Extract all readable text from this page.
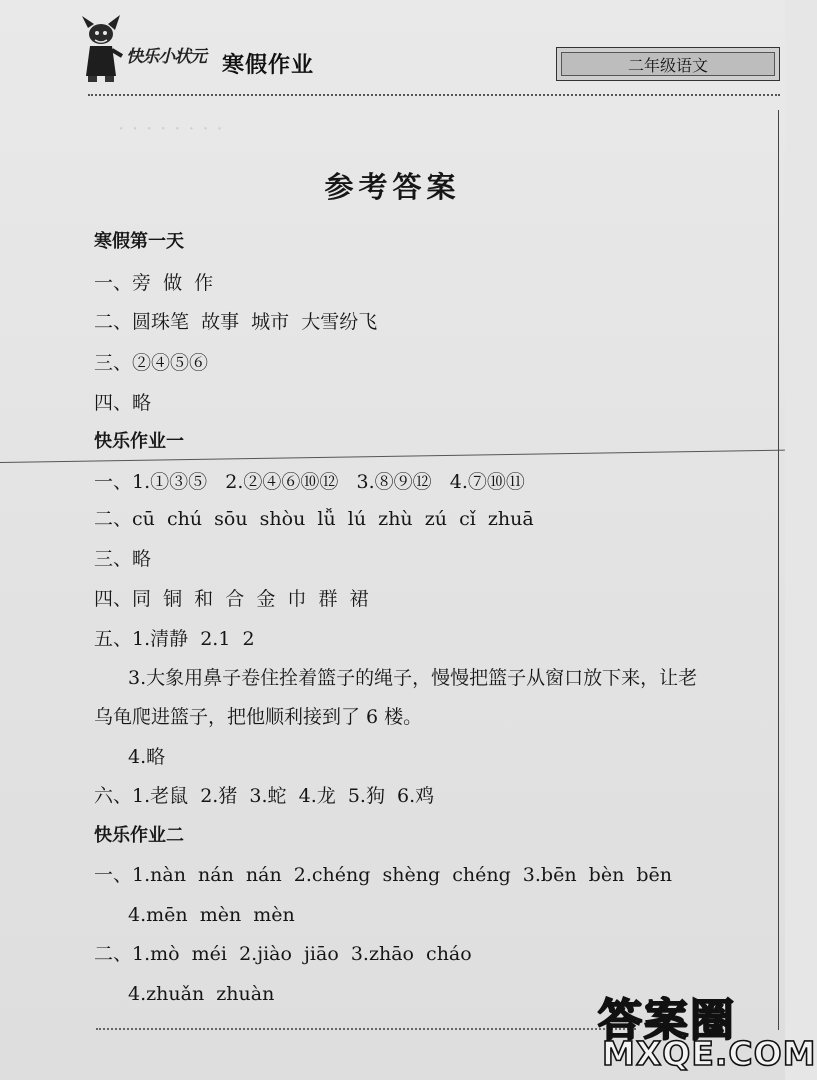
· · · · · · · ·
快乐小状元 寒假作业	二年级语文
参考答案
寒假第一天
一、旁  做  作
二、圆珠笔  故事  城市  大雪纷飞
三、②④⑤⑥
四、略
快乐作业一
一、1.①③⑤   2.②④⑥⑩⑫   3.⑧⑨⑫   4.⑦⑩⑪
二、cū  chú  sōu  shòu  lǚ  lú  zhù  zú  cǐ  zhuā
三、略
四、同  铜  和  合  金  巾  群  裙
五、1.清静  2.1  2
3.大象用鼻子卷住拴着篮子的绳子，慢慢把篮子从窗口放下来，让老
乌龟爬进篮子，把他顺利接到了 6 楼。
4.略
六、1.老鼠  2.猪  3.蛇  4.龙  5.狗  6.鸡
快乐作业二
一、1.nàn  nán  nán  2.chéng  shèng  chéng  3.bēn  bèn  bēn
4.mēn  mèn  mèn
二、1.mò  méi  2.jiào  jiāo  3.zhāo  cháo
4.zhuǎn  zhuàn
答案圈
MXQE.COM
